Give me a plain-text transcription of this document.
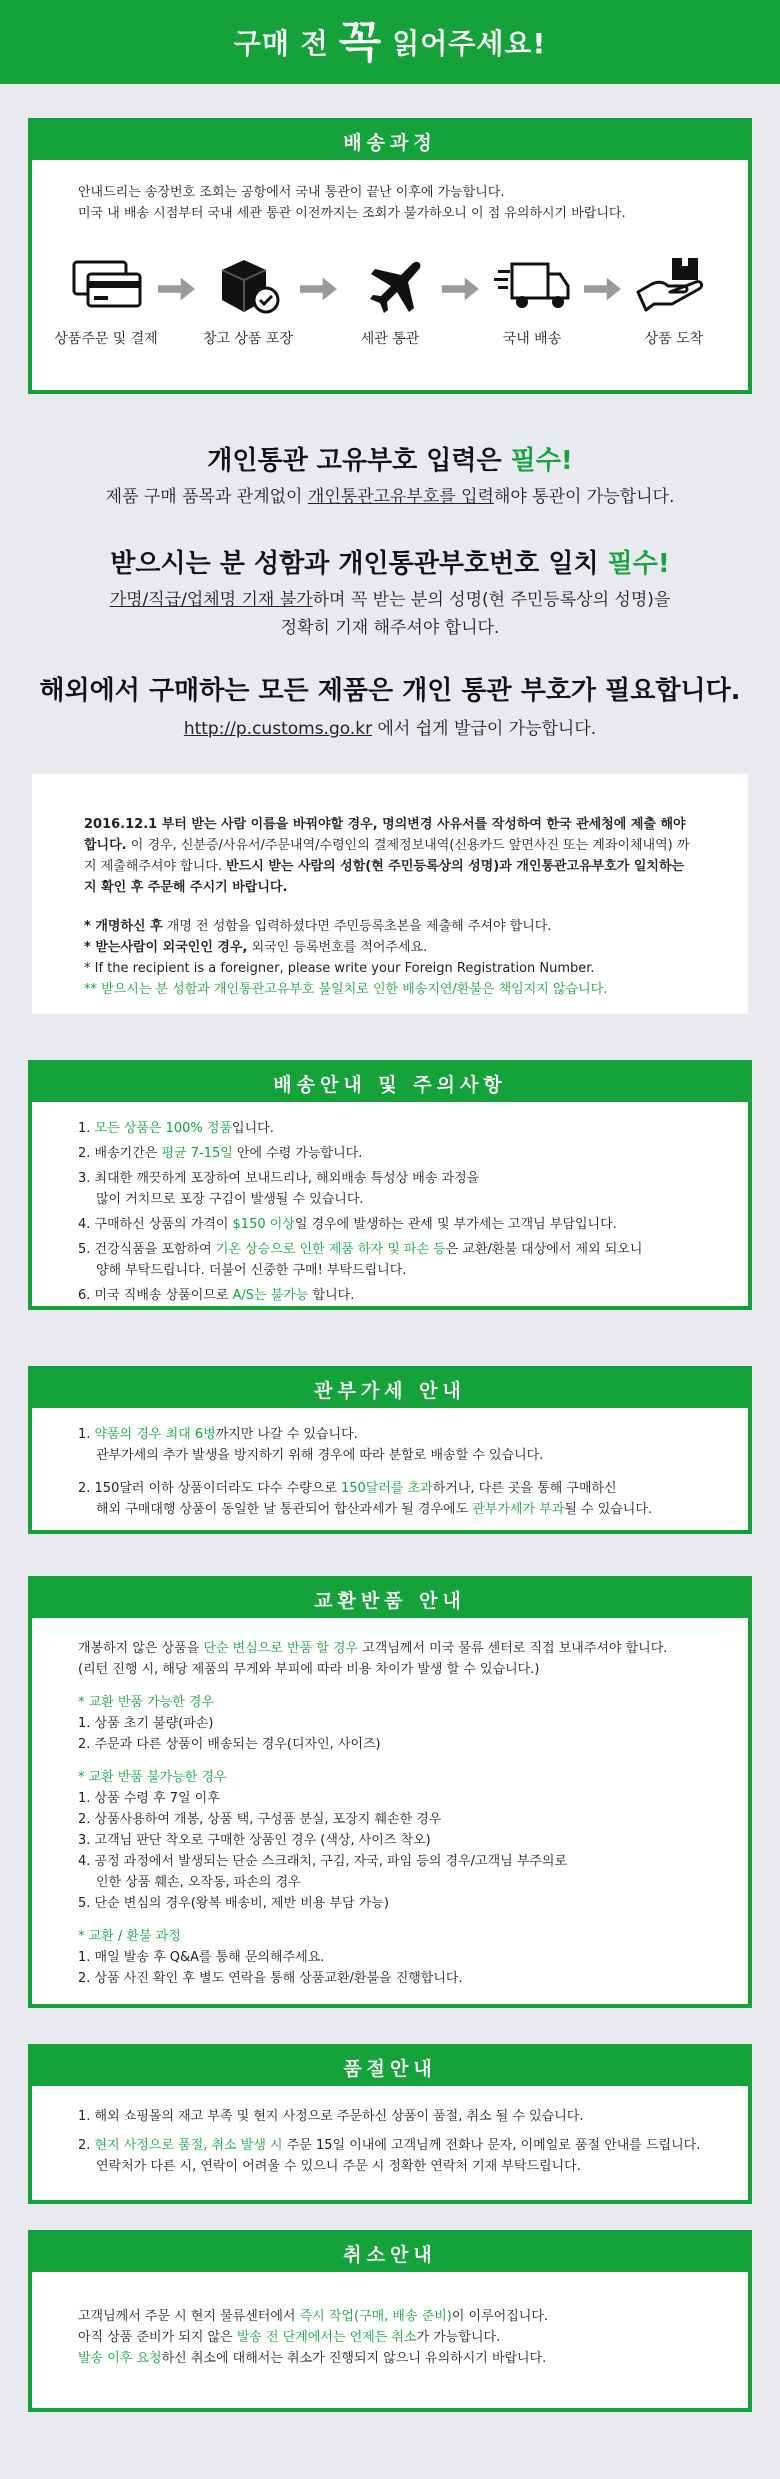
구매 전 꼭 읽어주세요!
배송과정
안내드리는 송장번호 조회는 공항에서 국내 통관이 끝난 이후에 가능합니다.
미국 내 배송 시점부터 국내 세관 통관 이전까지는 조회가 불가하오니 이 점 유의하시기 바랍니다.
상품주문 및 결제	창고 상품 포장	세관 통관	국내 배송	상품 도착
개인통관 고유부호 입력은 필수!
제품 구매 품목과 관계없이 개인통관고유부호를 입력해야 통관이 가능합니다.
받으시는 분 성함과 개인통관부호번호 일치 필수!
가명/직급/업체명 기재 불가하며 꼭 받는 분의 성명(현 주민등록상의 성명)을
정확히 기재 해주셔야 합니다.
해외에서 구매하는 모든 제품은 개인 통관 부호가 필요합니다.
http://p.customs.go.kr 에서 쉽게 발급이 가능합니다.
2016.12.1 부터 받는 사람 이름을 바꿔야할 경우, 명의변경 사유서를 작성하여 한국 관세청에 제출 해야합니다. 이 경우, 신분증/사유서/주문내역/수령인의 결제정보내역(신용카드 앞면사진 또는 계좌이체내역) 까지 제출해주셔야 합니다. 반드시 받는 사람의 성함(현 주민등록상의 성명)과 개인통관고유부호가 일치하는지 확인 후 주문해 주시기 바랍니다.
* 개명하신 후 개명 전 성함을 입력하셨다면 주민등록초본을 제출해 주셔야 합니다.
* 받는사람이 외국인인 경우, 외국인 등록번호를 적어주세요.
* If the recipient is a foreigner, please write your Foreign Registration Number.
** 받으시는 분 성함과 개인통관고유부호 불일치로 인한 배송지연/환불은 책임지지 않습니다.
배송안내 및 주의사항
1. 모든 상품은 100% 정품입니다.
2. 배송기간은 평균 7-15일 안에 수령 가능합니다.
3. 최대한 깨끗하게 포장하여 보내드리나, 해외배송 특성상 배송 과정을
많이 거치므로 포장 구김이 발생될 수 있습니다.
4. 구매하신 상품의 가격이 $150 이상일 경우에 발생하는 관세 및 부가세는 고객님 부담입니다.
5. 건강식품을 포함하여 기온 상승으로 인한 제품 하자 및 파손 등은 교환/환불 대상에서 제외 되오니
양해 부탁드립니다. 더불어 신중한 구매! 부탁드립니다.
6. 미국 직배송 상품이므로 A/S는 불가능 합니다.
관부가세 안내
1. 약품의 경우 최대 6병까지만 나갈 수 있습니다.
관부가세의 추가 발생을 방지하기 위해 경우에 따라 분할로 배송할 수 있습니다.
2. 150달러 이하 상품이더라도 다수 수량으로 150달러를 초과하거나, 다른 곳을 통해 구매하신
해외 구매대행 상품이 동일한 날 통관되어 합산과세가 될 경우에도 관부가세가 부과될 수 있습니다.
교환반품 안내
개봉하지 않은 상품을 단순 변심으로 반품 할 경우 고객님께서 미국 물류 센터로 직접 보내주셔야 합니다.
(리턴 진행 시, 해당 제품의 무게와 부피에 따라 비용 차이가 발생 할 수 있습니다.)
* 교환 반품 가능한 경우
1. 상품 초기 불량(파손)
2. 주문과 다른 상품이 배송되는 경우(디자인, 사이즈)
* 교환 반품 불가능한 경우
1. 상품 수령 후 7일 이후
2. 상품사용하여 개봉, 상품 택, 구성품 분실, 포장지 훼손한 경우
3. 고객님 판단 착오로 구매한 상품인 경우 (색상, 사이즈 착오)
4. 공정 과정에서 발생되는 단순 스크래치, 구김, 자국, 파임 등의 경우/고객님 부주의로
인한 상품 훼손, 오작동, 파손의 경우
5. 단순 변심의 경우(왕복 배송비, 제반 비용 부담 가능)
* 교환 / 환불 과정
1. 매일 발송 후 Q&A를 통해 문의해주세요.
2. 상품 사진 확인 후 별도 연락을 통해 상품교환/환불을 진행합니다.
품절안내
1. 해외 쇼핑몰의 재고 부족 및 현지 사정으로 주문하신 상품이 품절, 취소 될 수 있습니다.
2. 현지 사정으로 품절, 취소 발생 시 주문 15일 이내에 고객님께 전화나 문자, 이메일로 품절 안내를 드립니다.
연락처가 다른 시, 연락이 어려울 수 있으니 주문 시 정확한 연락처 기재 부탁드립니다.
취소안내
고객님께서 주문 시 현지 물류센터에서 즉시 작업(구매, 배송 준비)이 이루어집니다.
아직 상품 준비가 되지 않은 발송 전 단계에서는 언제든 취소가 가능합니다.
발송 이후 요청하신 취소에 대해서는 취소가 진행되지 않으니 유의하시기 바랍니다.
